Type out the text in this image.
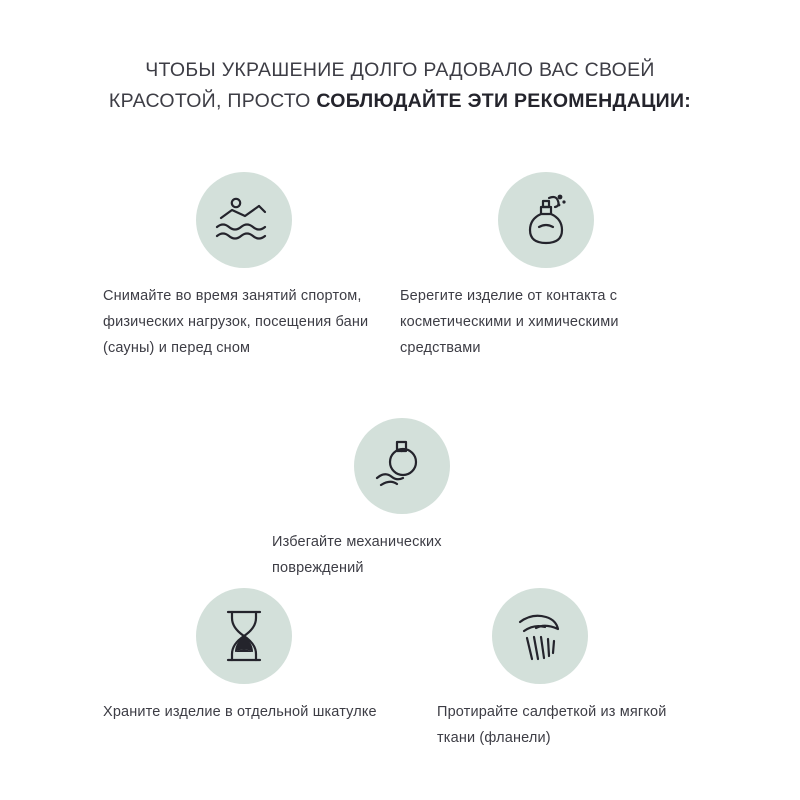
ЧТОБЫ УКРАШЕНИЕ ДОЛГО РАДОВАЛО ВАС СВОЕЙ
КРАСОТОЙ, ПРОСТО СОБЛЮДАЙТЕ ЭТИ РЕКОМЕНДАЦИИ:
Снимайте во время занятий спортом, физических нагрузок, посещения бани (сауны) и перед сном
Берегите изделие от контакта с косметическими и химическими средствами
Избегайте механических повреждений
Храните изделие в отдельной шкатулке	Протирайте салфеткой из мягкой ткани (фланели)
